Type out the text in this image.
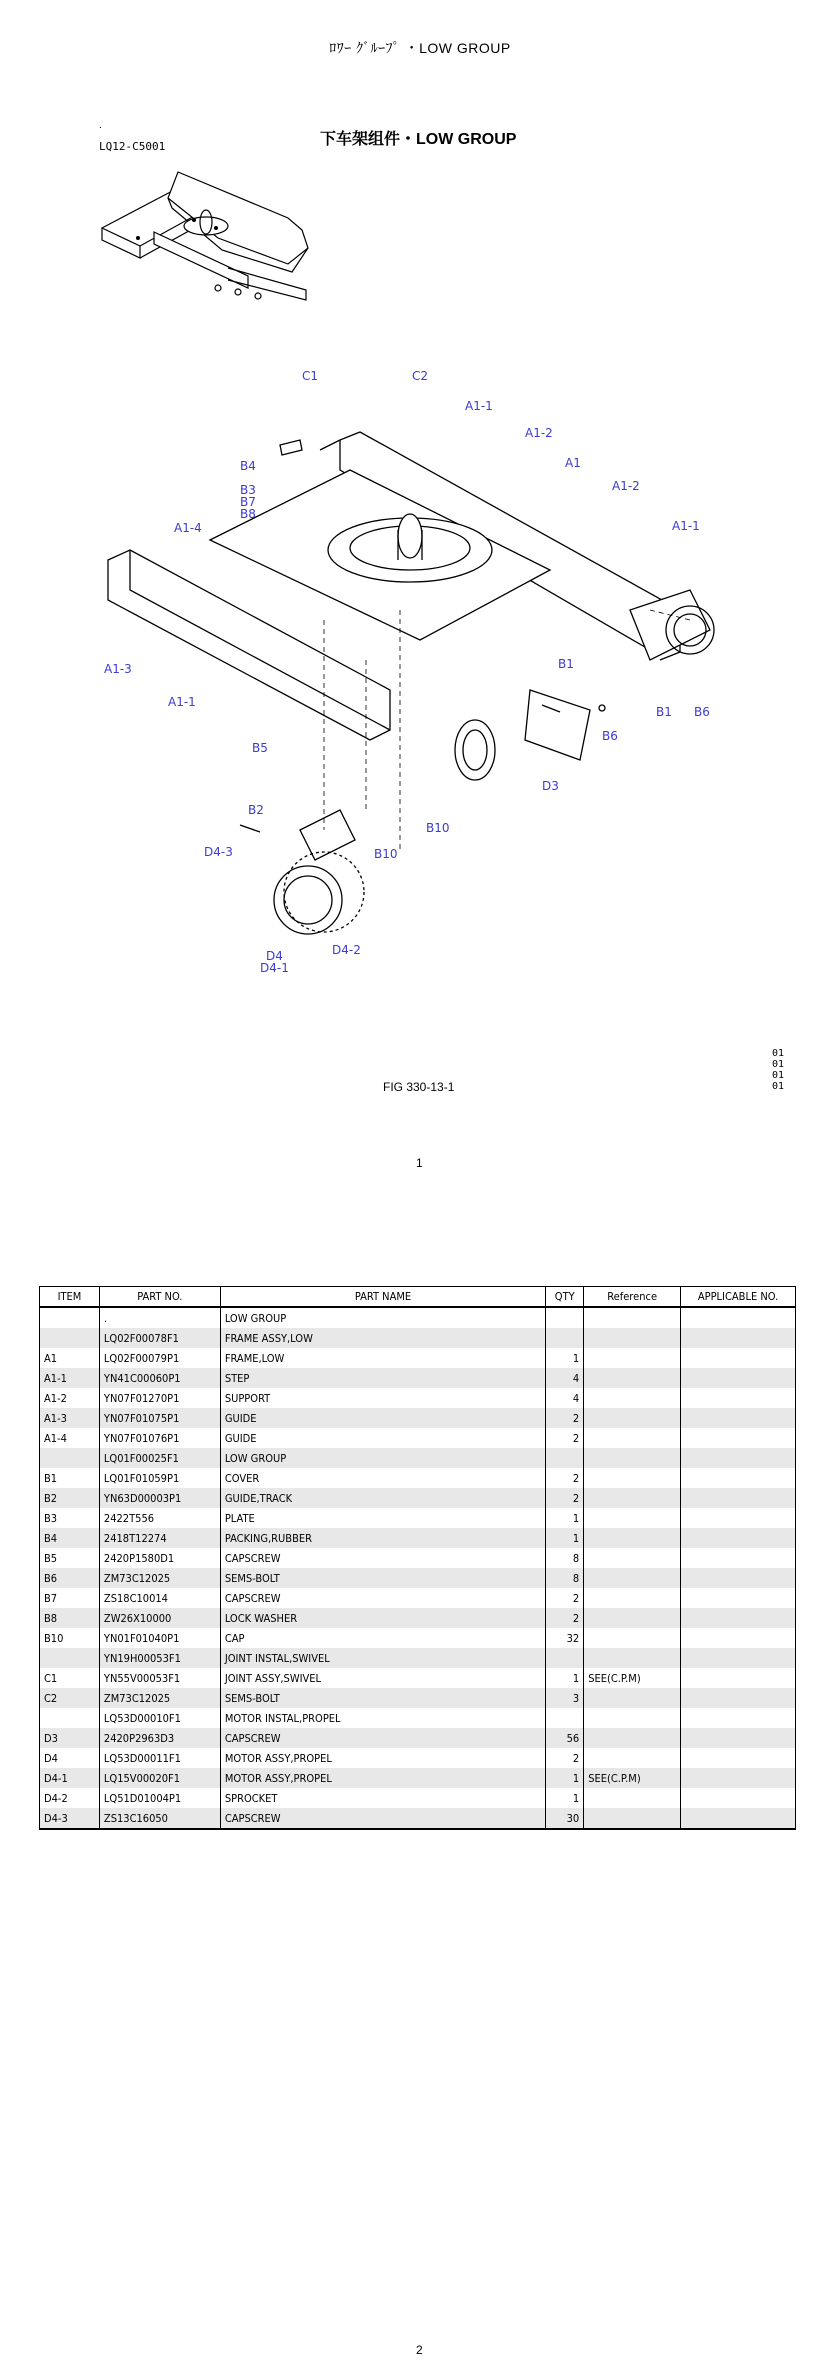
ﾛﾜｰ ｸﾞﾙｰﾌﾟ ・LOW GROUP
.
LQ12-C5001	下车架组件・LOW GROUP
C1	C2
A1-1
A1-2
A1
A1-2
A1-1
B4
B3
B7
B8
A1-4
A1-3
A1-1
B1
B6
B6
B1
D3
B5
B2
B10
B10
D4-3
D4
D4-1
D4-2
01
01
01
01
FIG 330-13-1
1
ITEM	PART NO.	PART NAME	QTY	Reference	APPLICABLE NO.
	.	LOW GROUP			
	LQ02F00078F1	FRAME ASSY,LOW			
A1	LQ02F00079P1	FRAME,LOW	1		
A1-1	YN41C00060P1	STEP	4		
A1-2	YN07F01270P1	SUPPORT	4		
A1-3	YN07F01075P1	GUIDE	2		
A1-4	YN07F01076P1	GUIDE	2		
	LQ01F00025F1	LOW GROUP			
B1	LQ01F01059P1	COVER	2		
B2	YN63D00003P1	GUIDE,TRACK	2		
B3	2422T556	PLATE	1		
B4	2418T12274	PACKING,RUBBER	1		
B5	2420P1580D1	CAPSCREW	8		
B6	ZM73C12025	SEMS-BOLT	8		
B7	ZS18C10014	CAPSCREW	2		
B8	ZW26X10000	LOCK WASHER	2		
B10	YN01F01040P1	CAP	32		
	YN19H00053F1	JOINT INSTAL,SWIVEL			
C1	YN55V00053F1	JOINT ASSY,SWIVEL	1	SEE(C.P.M)	
C2	ZM73C12025	SEMS-BOLT	3		
	LQ53D00010F1	MOTOR INSTAL,PROPEL			
D3	2420P2963D3	CAPSCREW	56		
D4	LQ53D00011F1	MOTOR ASSY,PROPEL	2		
D4-1	LQ15V00020F1	MOTOR ASSY,PROPEL	1	SEE(C.P.M)	
D4-2	LQ51D01004P1	SPROCKET	1		
D4-3	ZS13C16050	CAPSCREW	30		
2
